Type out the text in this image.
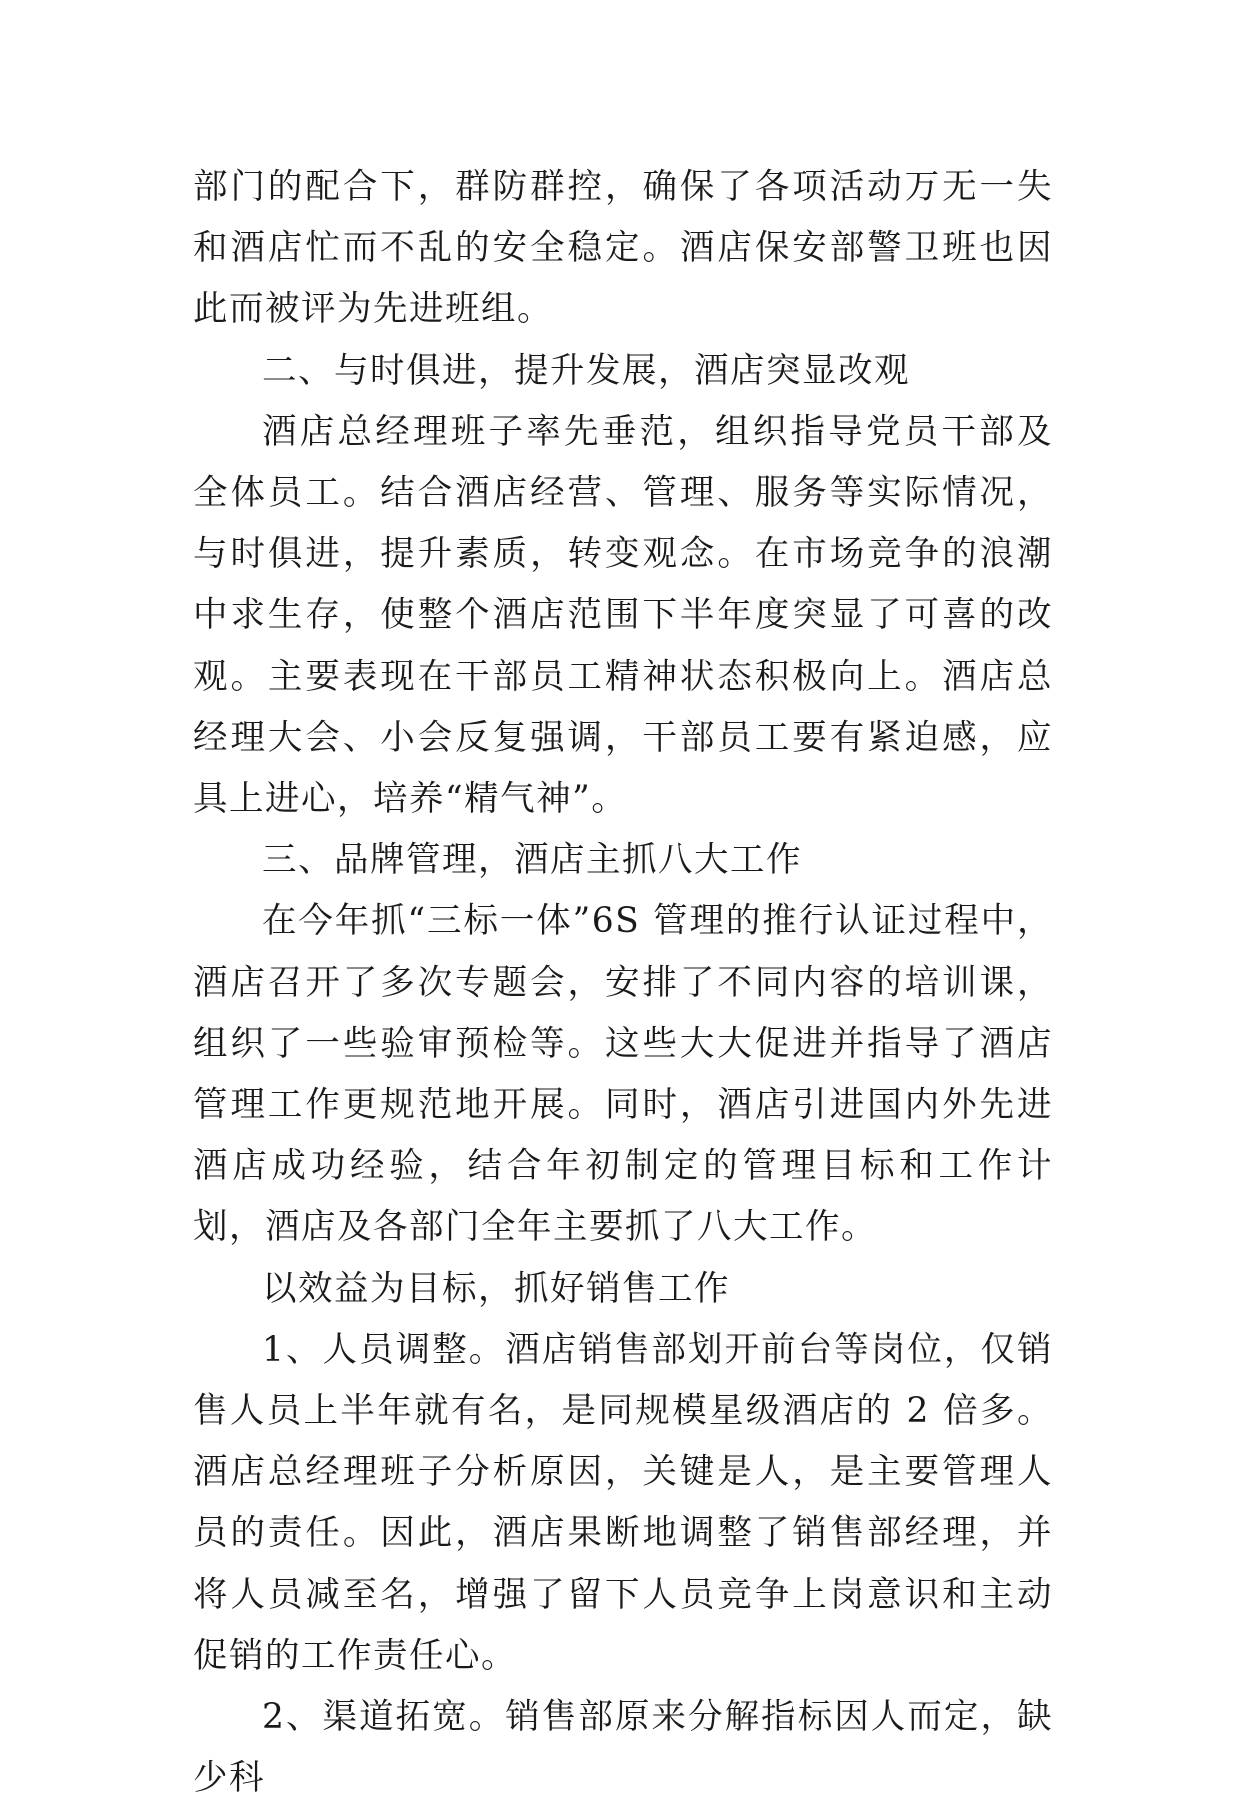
部门的配合下，群防群控，确保了各项活动万无一失和酒店忙而不乱的安全稳定。酒店保安部警卫班也因此而被评为先进班组。

二、与时俱进，提升发展，酒店突显改观

酒店总经理班子率先垂范，组织指导党员干部及全体员工。结合酒店经营、管理、服务等实际情况，与时俱进，提升素质，转变观念。在市场竞争的浪潮中求生存，使整个酒店范围下半年度突显了可喜的改观。主要表现在干部员工精神状态积极向上。酒店总经理大会、小会反复强调，干部员工要有紧迫感，应具上进心，培养“精气神”。

三、品牌管理，酒店主抓八大工作

在今年抓“三标一体”6S 管理的推行认证过程中，酒店召开了多次专题会，安排了不同内容的培训课，组织了一些验审预检等。这些大大促进并指导了酒店管理工作更规范地开展。同时，酒店引进国内外先进酒店成功经验，结合年初制定的管理目标和工作计划，酒店及各部门全年主要抓了八大工作。

以效益为目标，抓好销售工作

1、人员调整。酒店销售部划开前台等岗位，仅销售人员上半年就有名，是同规模星级酒店的 2 倍多。酒店总经理班子分析原因，关键是人，是主要管理人员的责任。因此，酒店果断地调整了销售部经理，并将人员减至名，增强了留下人员竞争上岗意识和主动促销的工作责任心。

2、渠道拓宽。销售部原来分解指标因人而定，缺少科
